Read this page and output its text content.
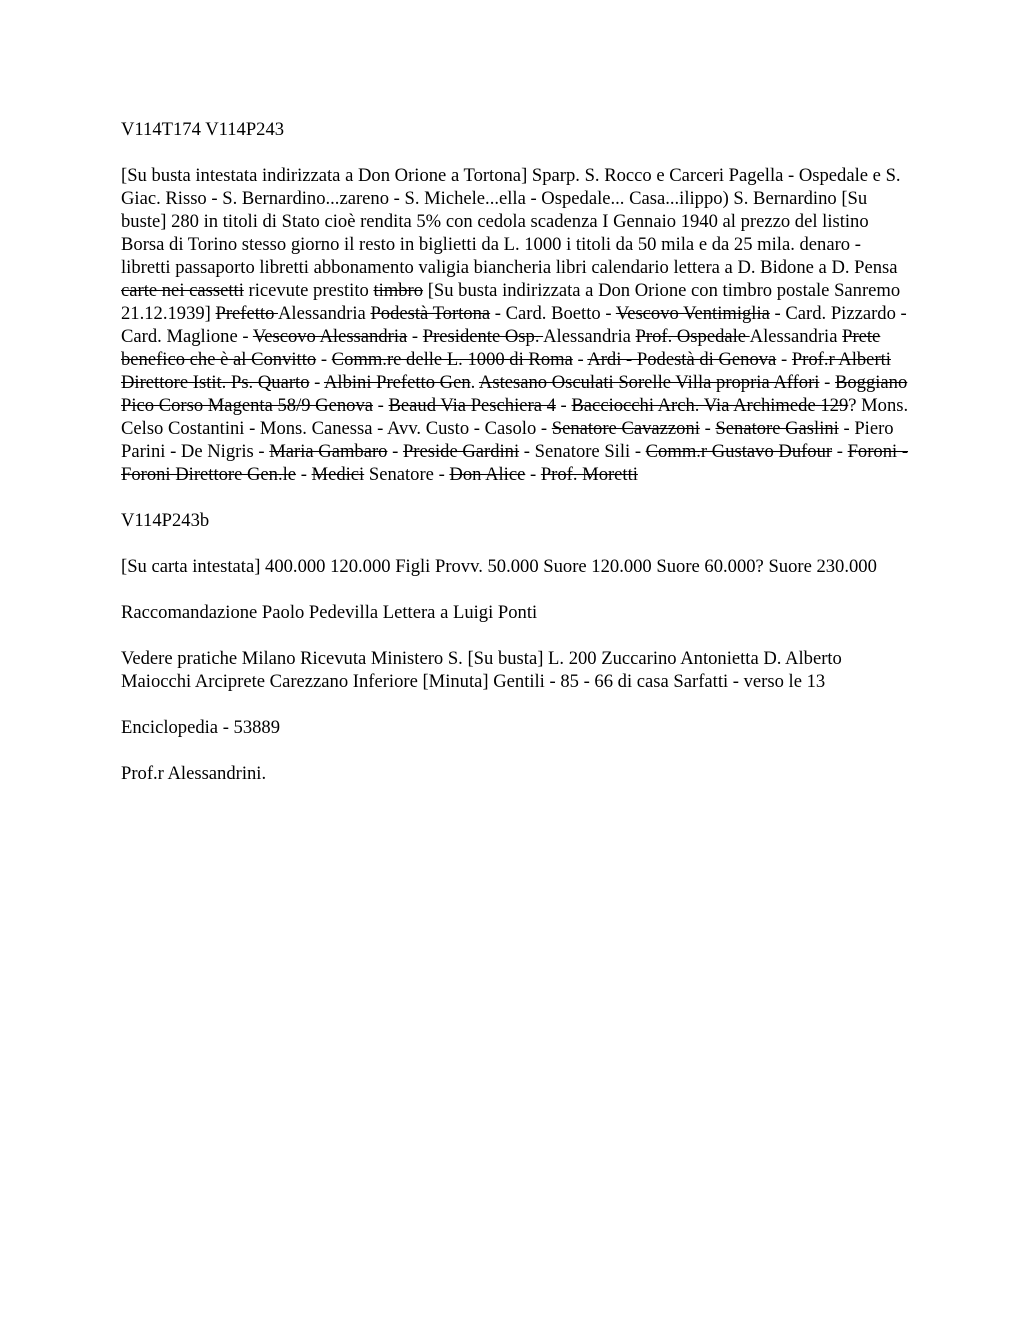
V114T174 V114P243

[Su busta intestata indirizzata a Don Orione a Tortona] Sparp. S. Rocco e Carceri Pagella - Ospedale e S. Giac. Risso - S. Bernardino...zareno - S. Michele...ella - Ospedale... Casa...ilippo) S. Bernardino [Su buste] 280 in titoli di Stato cioè rendita 5% con cedola scadenza I Gennaio 1940 al prezzo del listino Borsa di Torino stesso giorno il resto in biglietti da L. 1000 i titoli da 50 mila e da 25 mila. denaro - libretti passaporto libretti abbonamento valigia biancheria libri calendario lettera a D. Bidone a D. Pensa carte nei cassetti ricevute prestito timbro [Su busta indirizzata a Don Orione con timbro postale Sanremo 21.12.1939] Prefetto Alessandria Podestà Tortona - Card. Boetto - Vescovo Ventimiglia - Card. Pizzardo - Card. Maglione - Vescovo Alessandria - Presidente Osp. Alessandria Prof. Ospedale Alessandria Prete benefico che è al Convitto - Comm.re delle L. 1000 di Roma - Ardi - Podestà di Genova - Prof.r Alberti Direttore Istit. Ps. Quarto - Albini Prefetto Gen. Astesano Osculati Sorelle Villa propria Affori - Boggiano Pico Corso Magenta 58/9 Genova - Beaud Via Peschiera 4 - Bacciocchi Arch. Via Archimede 129? Mons. Celso Costantini - Mons. Canessa - Avv. Custo - Casolo - Senatore Cavazzoni - Senatore Gaslini - Piero Parini - De Nigris - Maria Gambaro - Preside Gardini - Senatore Sili - Comm.r Gustavo Dufour - Foroni - Foroni Direttore Gen.le - Medici Senatore - Don Alice - Prof. Moretti

V114P243b

[Su carta intestata] 400.000 120.000 Figli Provv. 50.000 Suore 120.000 Suore 60.000? Suore 230.000

Raccomandazione Paolo Pedevilla Lettera a Luigi Ponti

Vedere pratiche Milano Ricevuta Ministero S. [Su busta] L. 200 Zuccarino Antonietta D. Alberto Maiocchi Arciprete Carezzano Inferiore [Minuta] Gentili - 85 - 66 di casa Sarfatti - verso le 13

Enciclopedia - 53889

Prof.r Alessandrini.
